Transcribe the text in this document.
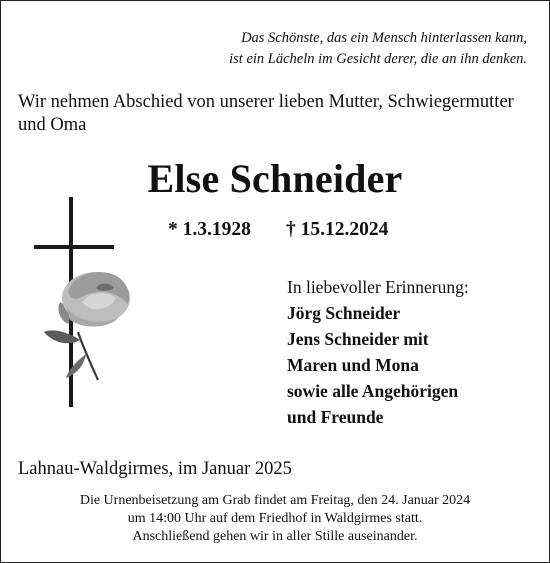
Das Schönste, das ein Mensch hinterlassen kann,
ist ein Lächeln im Gesicht derer, die an ihn denken.
Wir nehmen Abschied von unserer lieben Mutter, Schwiegermutter
und Oma
Else Schneider
* 1.3.1928 † 15.12.2024
In liebevoller Erinnerung:
Jörg Schneider
Jens Schneider mit
Maren und Mona
sowie alle Angehörigen
und Freunde
Lahnau-Waldgirmes, im Januar 2025
Die Urnenbeisetzung am Grab findet am Freitag, den 24. Januar 2024
um 14:00 Uhr auf dem Friedhof in Waldgirmes statt.
Anschließend gehen wir in aller Stille auseinander.
